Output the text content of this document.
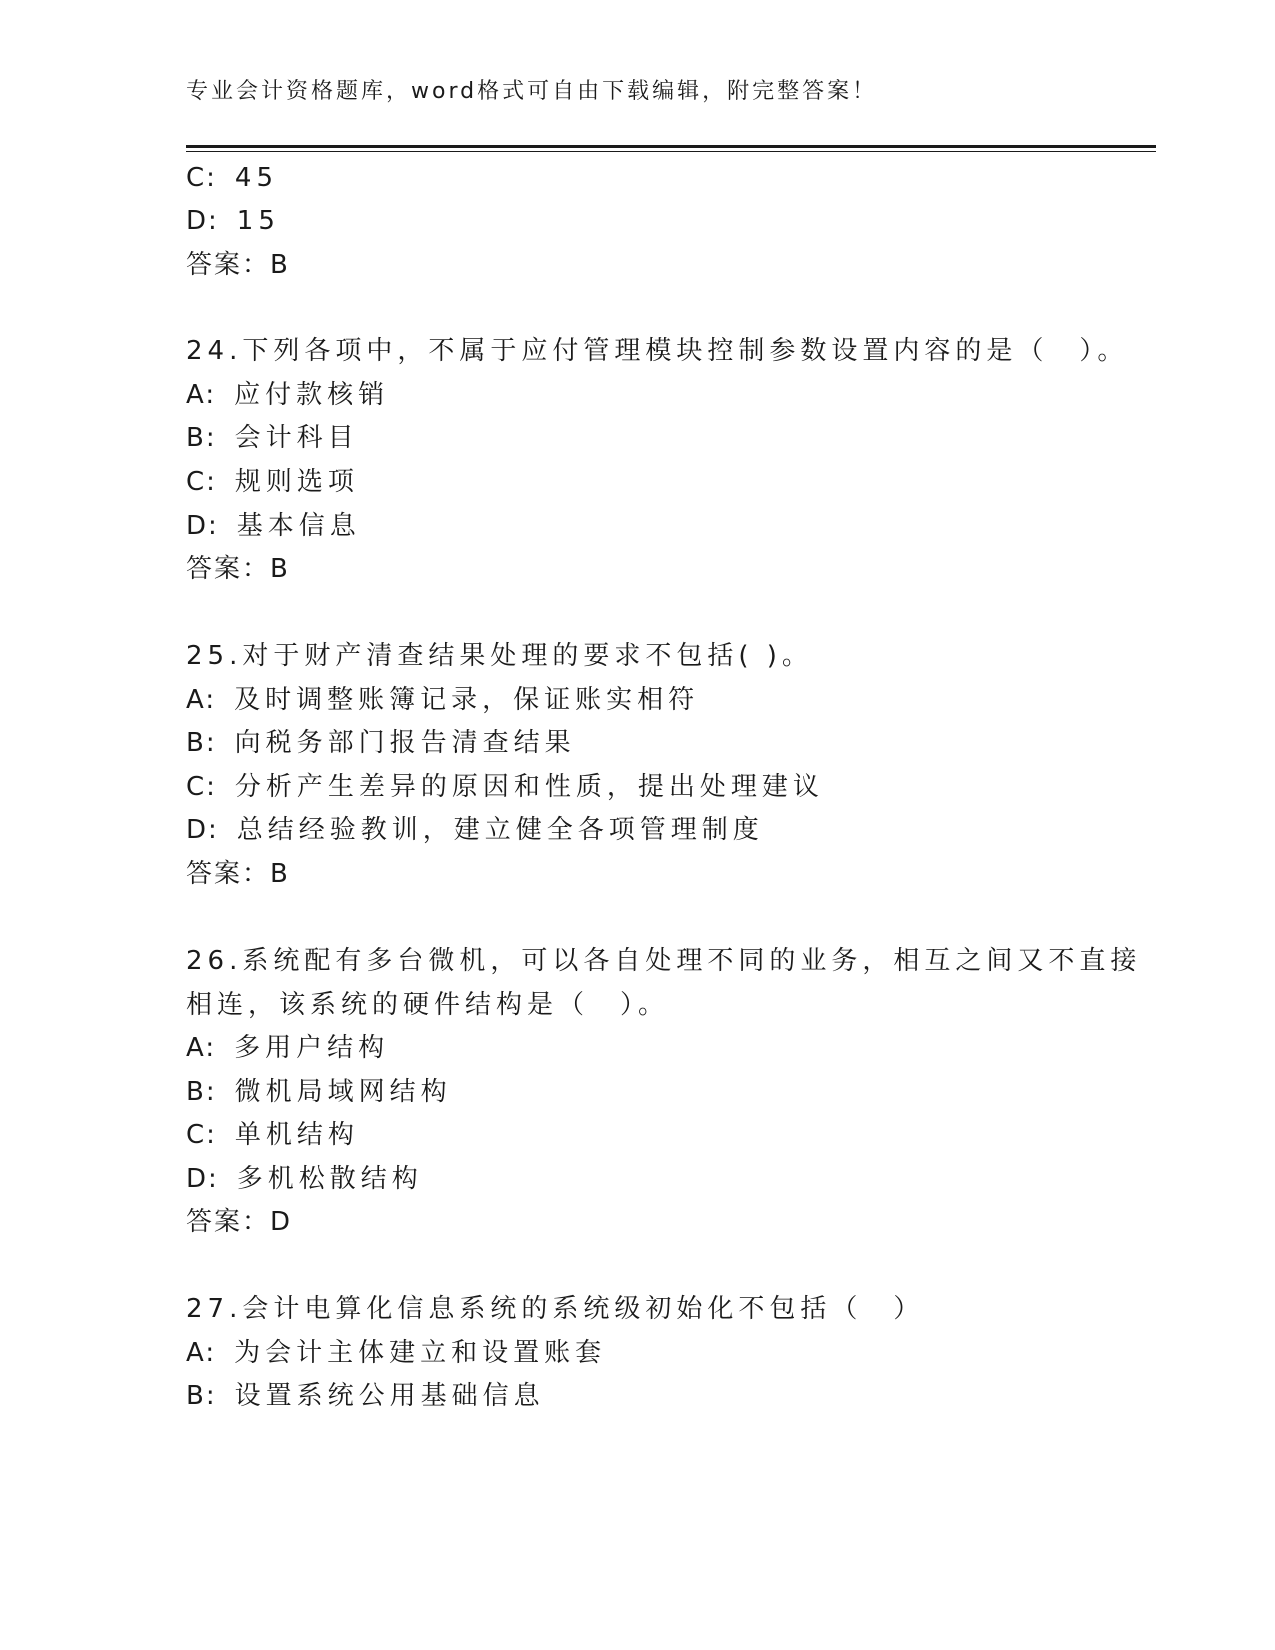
专业会计资格题库，word格式可自由下载编辑，附完整答案！
C: 45
D: 15
答案：B
24.下列各项中，不属于应付管理模块控制参数设置内容的是（　）。
A: 应付款核销
B: 会计科目
C: 规则选项
D: 基本信息
答案：B
25.对于财产清查结果处理的要求不包括( )。
A: 及时调整账簿记录，保证账实相符
B: 向税务部门报告清查结果
C: 分析产生差异的原因和性质，提出处理建议
D: 总结经验教训，建立健全各项管理制度
答案：B
26.系统配有多台微机，可以各自处理不同的业务，相互之间又不直接
相连，该系统的硬件结构是（　）。
A: 多用户结构
B: 微机局域网结构
C: 单机结构
D: 多机松散结构
答案：D
27.会计电算化信息系统的系统级初始化不包括（　）
A: 为会计主体建立和设置账套
B: 设置系统公用基础信息
